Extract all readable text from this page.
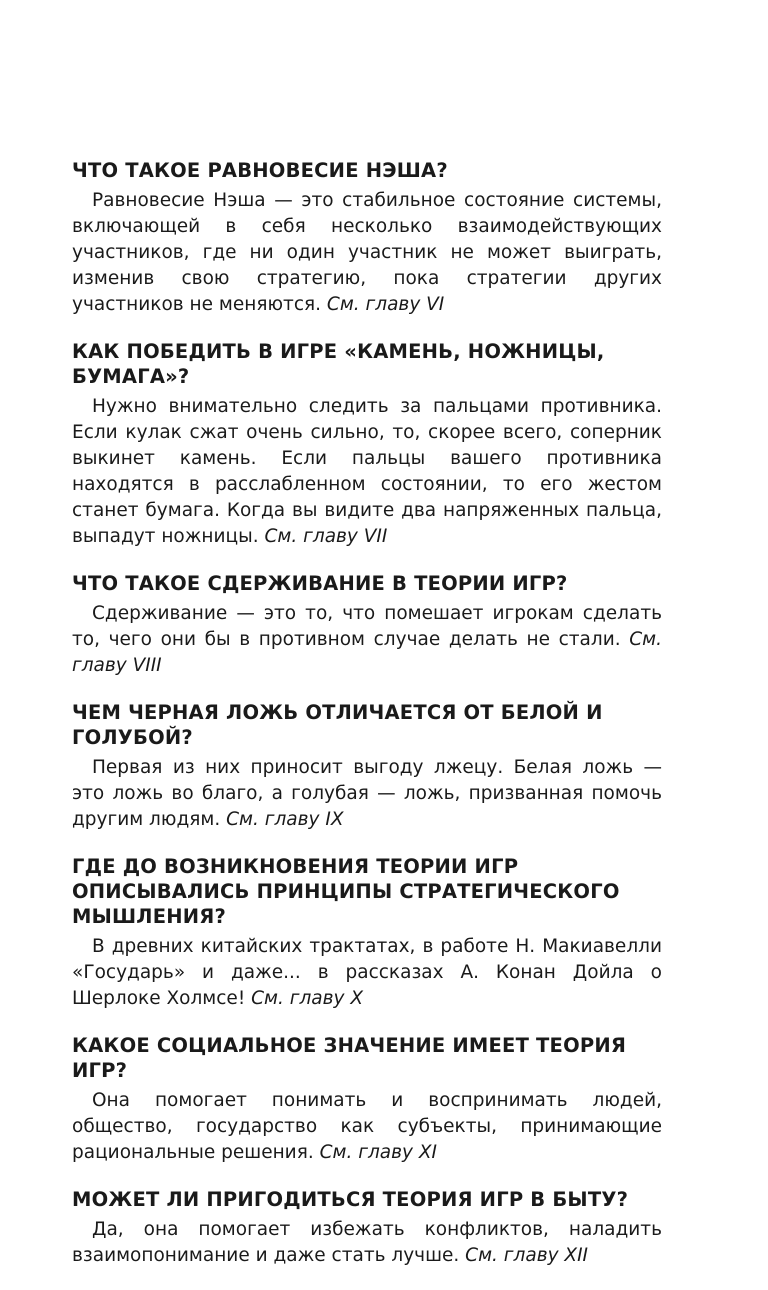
ЧТО ТАКОЕ РАВНОВЕСИЕ НЭША?

Равновесие Нэша — это стабильное состояние системы, включающей в себя несколько взаимодействующих участников, где ни один участник не может выиграть, изменив свою стратегию, пока стратегии других участников не меняются. См. главу VI

КАК ПОБЕДИТЬ В ИГРЕ «КАМЕНЬ, НОЖНИЦЫ, БУМАГА»?

Нужно внимательно следить за пальцами противника. Если кулак сжат очень сильно, то, скорее всего, соперник выкинет камень. Если пальцы вашего противника находятся в расслабленном состоянии, то его жестом станет бумага. Когда вы видите два напряженных пальца, выпадут ножницы. См. главу VII

ЧТО ТАКОЕ СДЕРЖИВАНИЕ В ТЕОРИИ ИГР?

Сдерживание — это то, что помешает игрокам сделать то, чего они бы в противном случае делать не стали. См. главу VIII

ЧЕМ ЧЕРНАЯ ЛОЖЬ ОТЛИЧАЕТСЯ ОТ БЕЛОЙ И ГОЛУБОЙ?

Первая из них приносит выгоду лжецу. Белая ложь — это ложь во благо, а голубая — ложь, призванная помочь другим людям. См. главу IX

ГДЕ ДО ВОЗНИКНОВЕНИЯ ТЕОРИИ ИГР ОПИСЫВАЛИСЬ ПРИНЦИПЫ СТРАТЕГИЧЕСКОГО МЫШЛЕНИЯ?

В древних китайских трактатах, в работе Н. Макиавелли «Государь» и даже... в рассказах А. Конан Дойла о Шерлоке Холмсе! См. главу X

КАКОЕ СОЦИАЛЬНОЕ ЗНАЧЕНИЕ ИМЕЕТ ТЕОРИЯ ИГР?

Она помогает понимать и воспринимать людей, общество, государство как субъекты, принимающие рациональные решения. См. главу XI

МОЖЕТ ЛИ ПРИГОДИТЬСЯ ТЕОРИЯ ИГР В БЫТУ?

Да, она помогает избежать конфликтов, наладить взаимопонимание и даже стать лучше. См. главу XII
